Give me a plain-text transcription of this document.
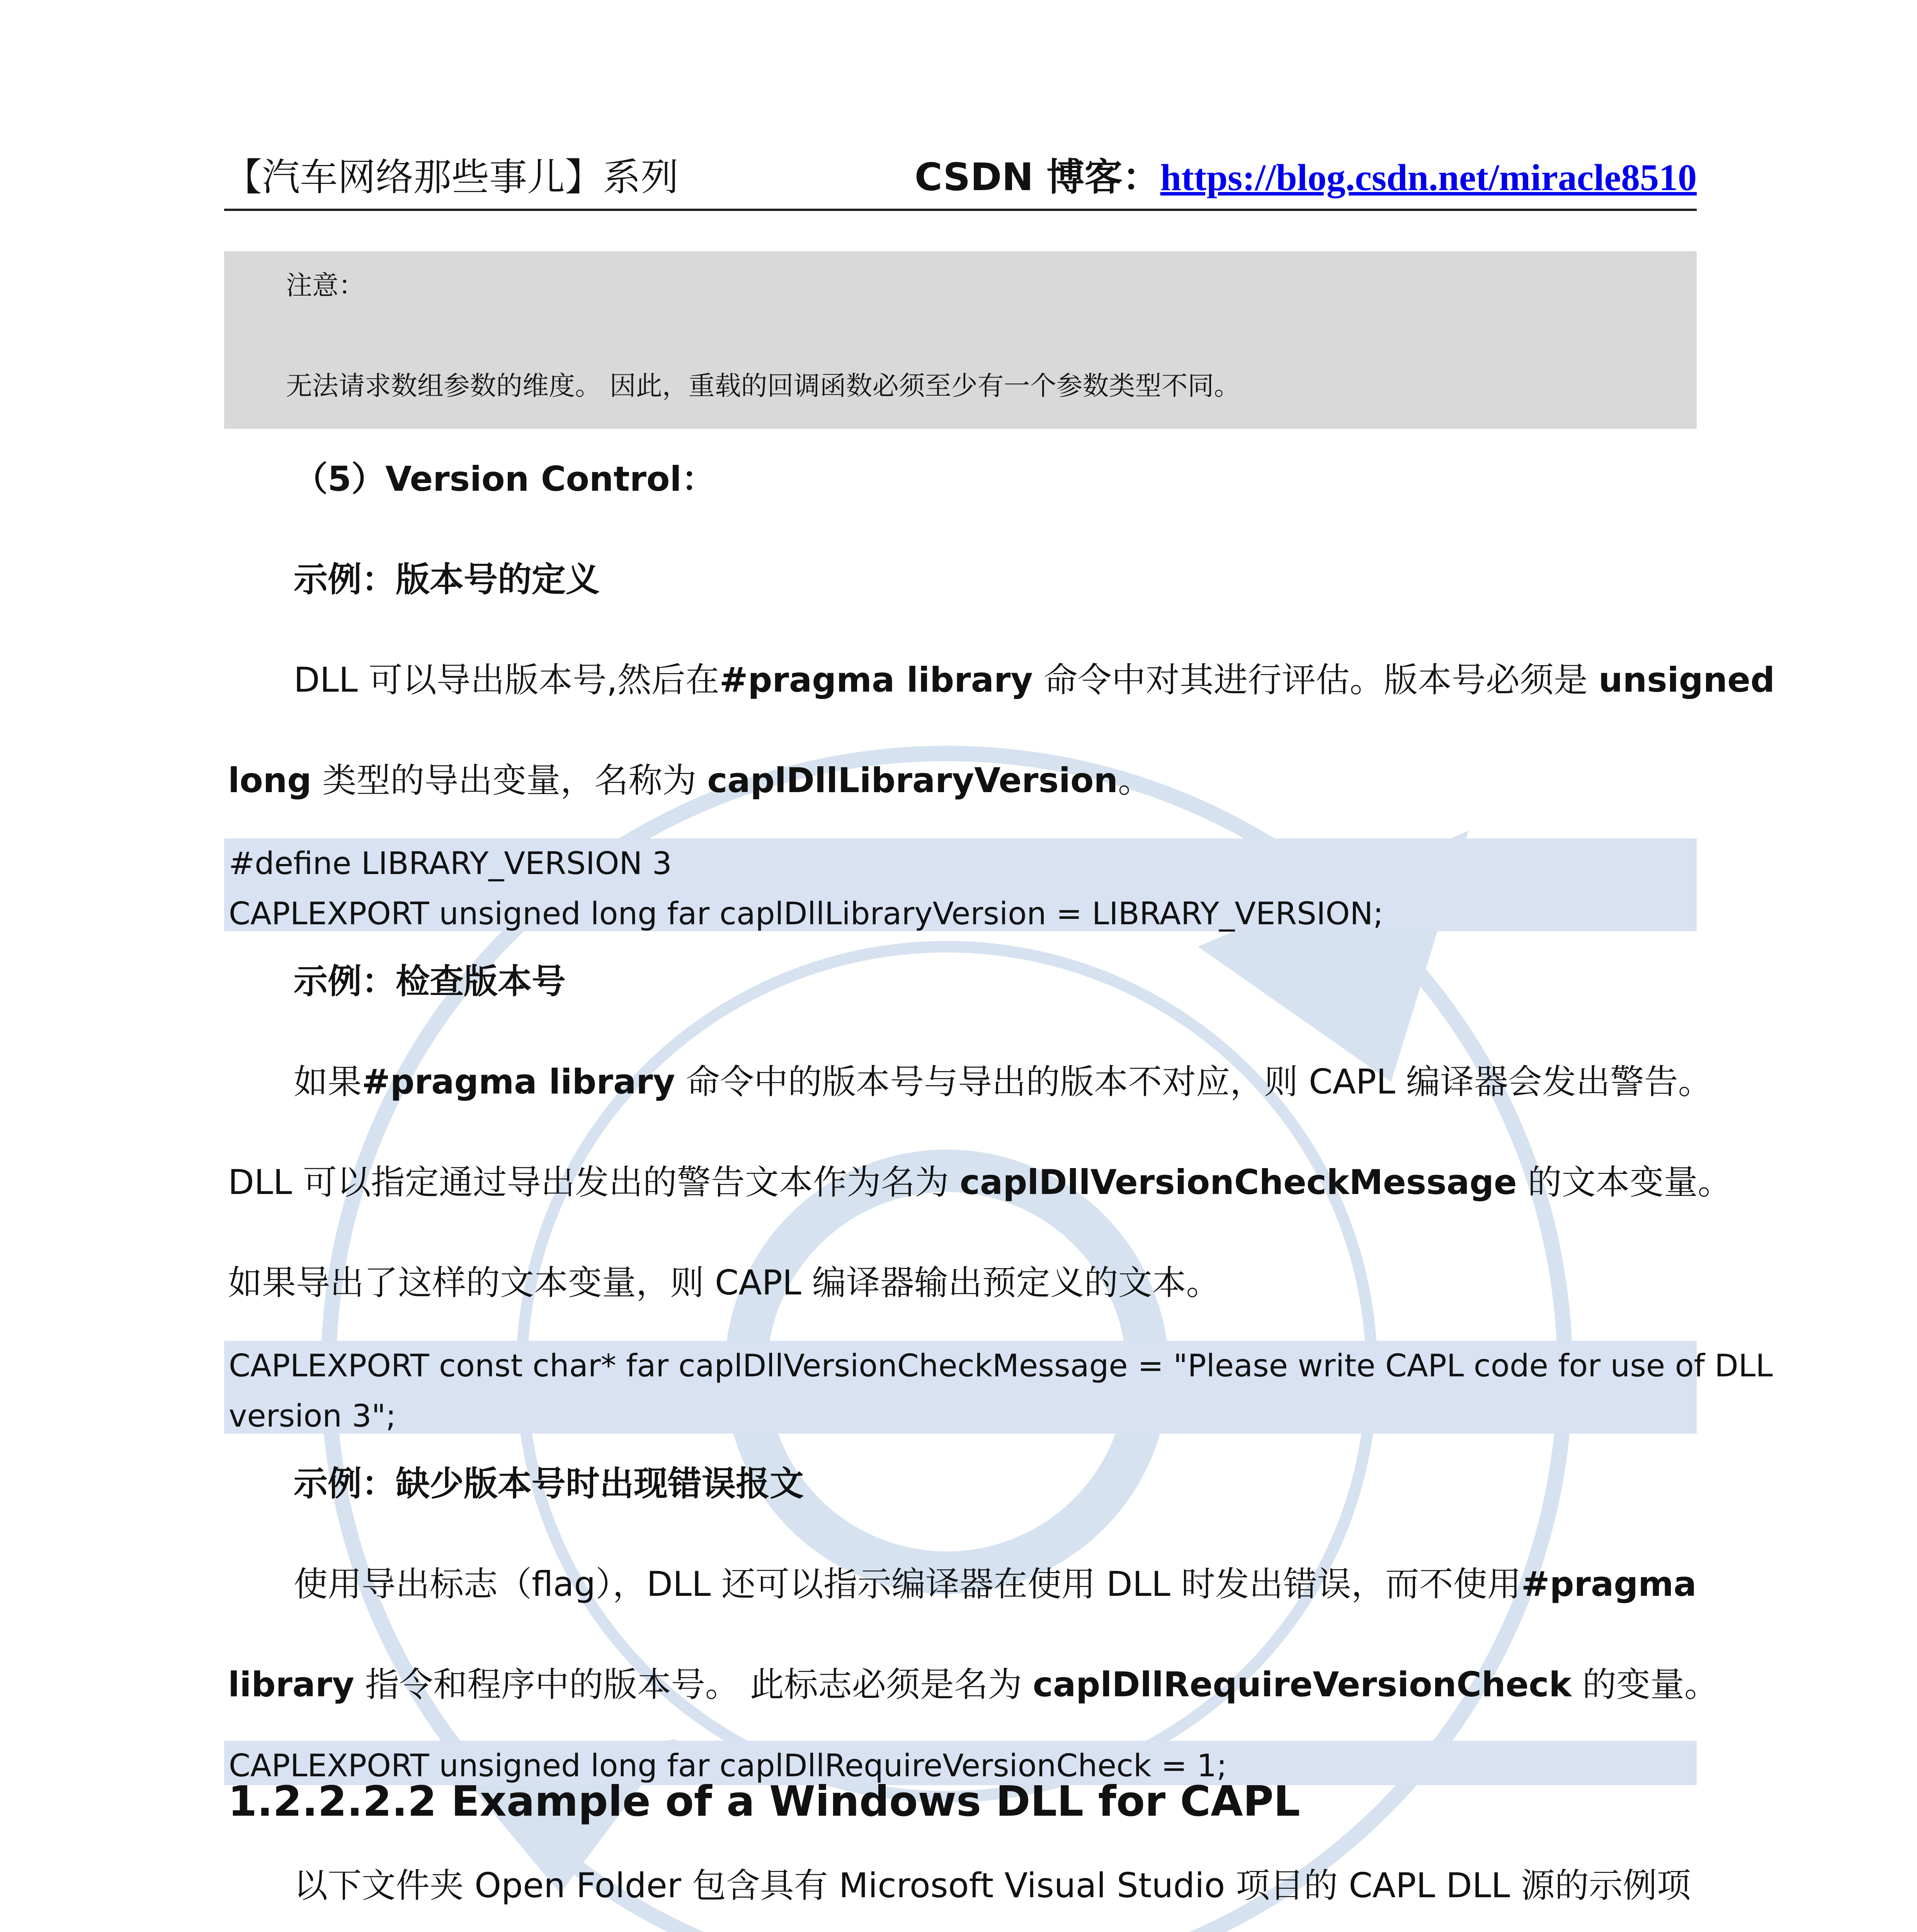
【汽车网络那些事儿】系列	CSDN 博客：https://blog.csdn.net/miracle8510
注意：
无法请求数组参数的维度。 因此，重载的回调函数必须至少有一个参数类型不同。
（5）Version Control：
示例：版本号的定义
DLL 可以导出版本号,然后在#pragma library 命令中对其进行评估。版本号必须是 unsigned
long 类型的导出变量，名称为 caplDllLibraryVersion。
#define LIBRARY_VERSION 3
CAPLEXPORT unsigned long far caplDllLibraryVersion = LIBRARY_VERSION;
示例：检查版本号
如果#pragma library 命令中的版本号与导出的版本不对应，则 CAPL 编译器会发出警告。
DLL 可以指定通过导出发出的警告文本作为名为 caplDllVersionCheckMessage 的文本变量。
如果导出了这样的文本变量，则 CAPL 编译器输出预定义的文本。
CAPLEXPORT const char* far caplDllVersionCheckMessage = "Please write CAPL code for use of DLL
version 3";
示例：缺少版本号时出现错误报文
使用导出标志（flag），DLL 还可以指示编译器在使用 DLL 时发出错误，而不使用#pragma
library 指令和程序中的版本号。 此标志必须是名为 caplDllRequireVersionCheck 的变量。
CAPLEXPORT unsigned long far caplDllRequireVersionCheck = 1;
1.2.2.2.2 Example of a Windows DLL for CAPL
以下文件夹 Open Folder 包含具有 Microsoft Visual Studio 项目的 CAPL DLL 源的示例项
